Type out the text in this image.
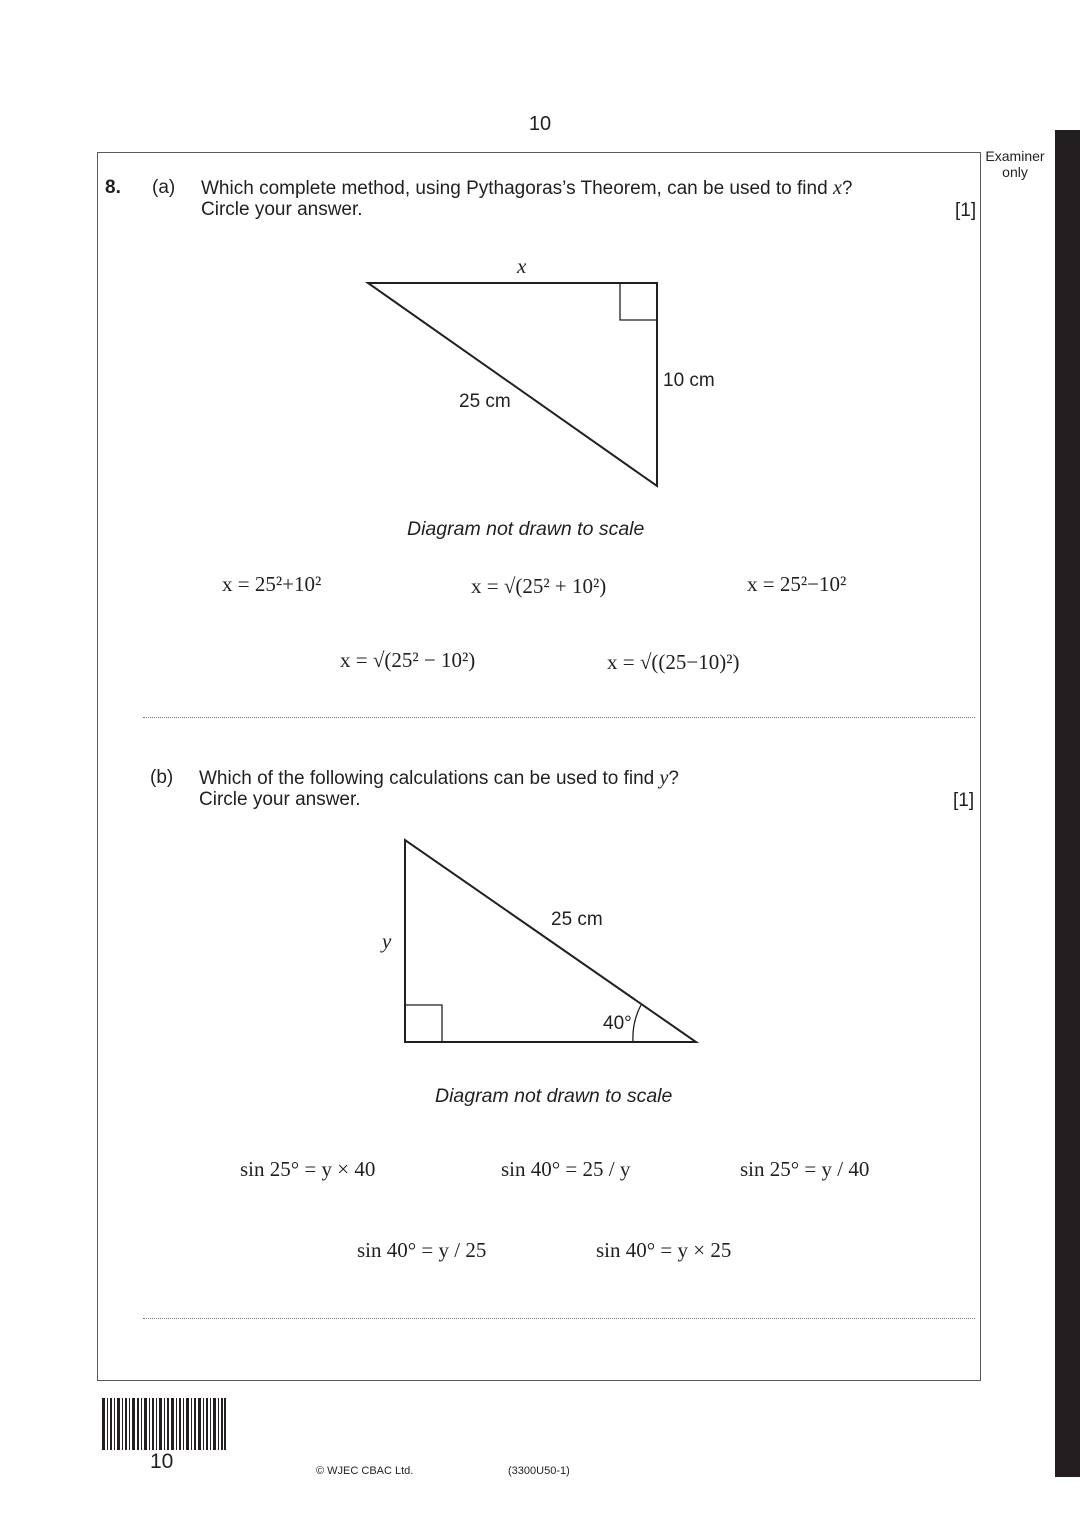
10
Examiner only
8. (a) Which complete method, using Pythagoras’s Theorem, can be used to find x?
Circle your answer.	[1]
x
25 cm
10 cm
Diagram not drawn to scale
x = 25²+10²	x = √(25² + 10²)	x = 25²−10²
x = √(25² − 10²)	x = √((25−10)²)
(b) Which of the following calculations can be used to find y?
Circle your answer.	[1]
y
25 cm
40°
Diagram not drawn to scale
sin 25° = y × 40	sin 40° = 25 / y	sin 25° = y / 40
sin 40° = y / 25	sin 40° = y × 25
10	© WJEC CBAC Ltd.	(3300U50-1)
